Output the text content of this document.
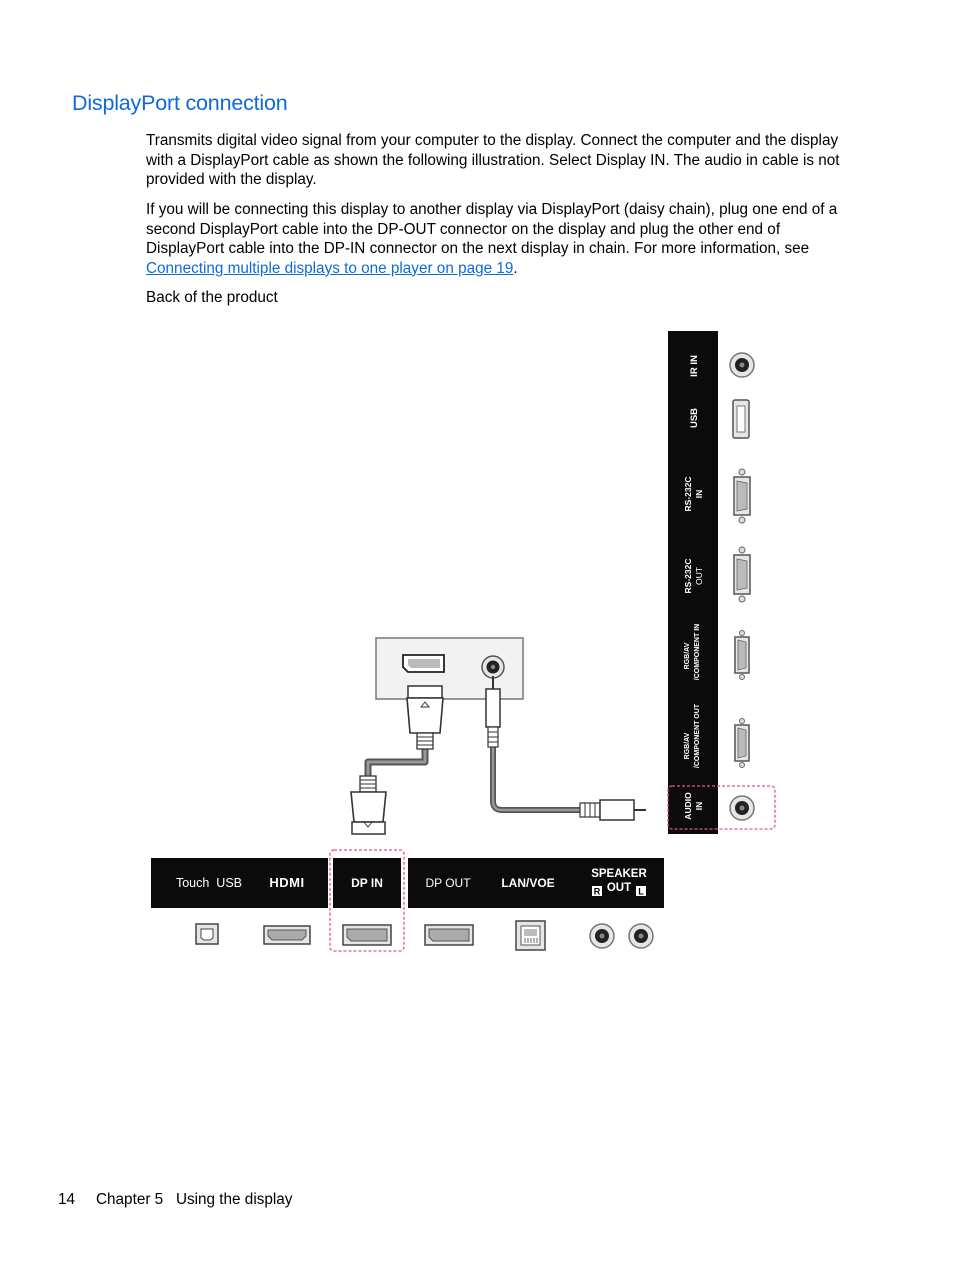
DisplayPort connection

Transmits digital video signal from your computer to the display. Connect the computer and the display with a DisplayPort cable as shown the following illustration. Select Display IN. The audio in cable is not provided with the display.

If you will be connecting this display to another display via DisplayPort (daisy chain), plug one end of a second DisplayPort cable into the DP-OUT connector on the display and plug the other end of DisplayPort cable into the DP-IN connector on the next display in chain. For more information, see Connecting multiple displays to one player on page 19.

Back of the product

IR IN
USB
RS-232C IN
RS-232C OUT
RGB/AV /COMPONENT IN
RGB/AV /COMPONENT OUT
AUDIO IN
Touch  USB HDMI	DP IN	DP OUT	LAN/VOE
SPEAKER
OUT
R	L
14 Chapter 5 Using the display
